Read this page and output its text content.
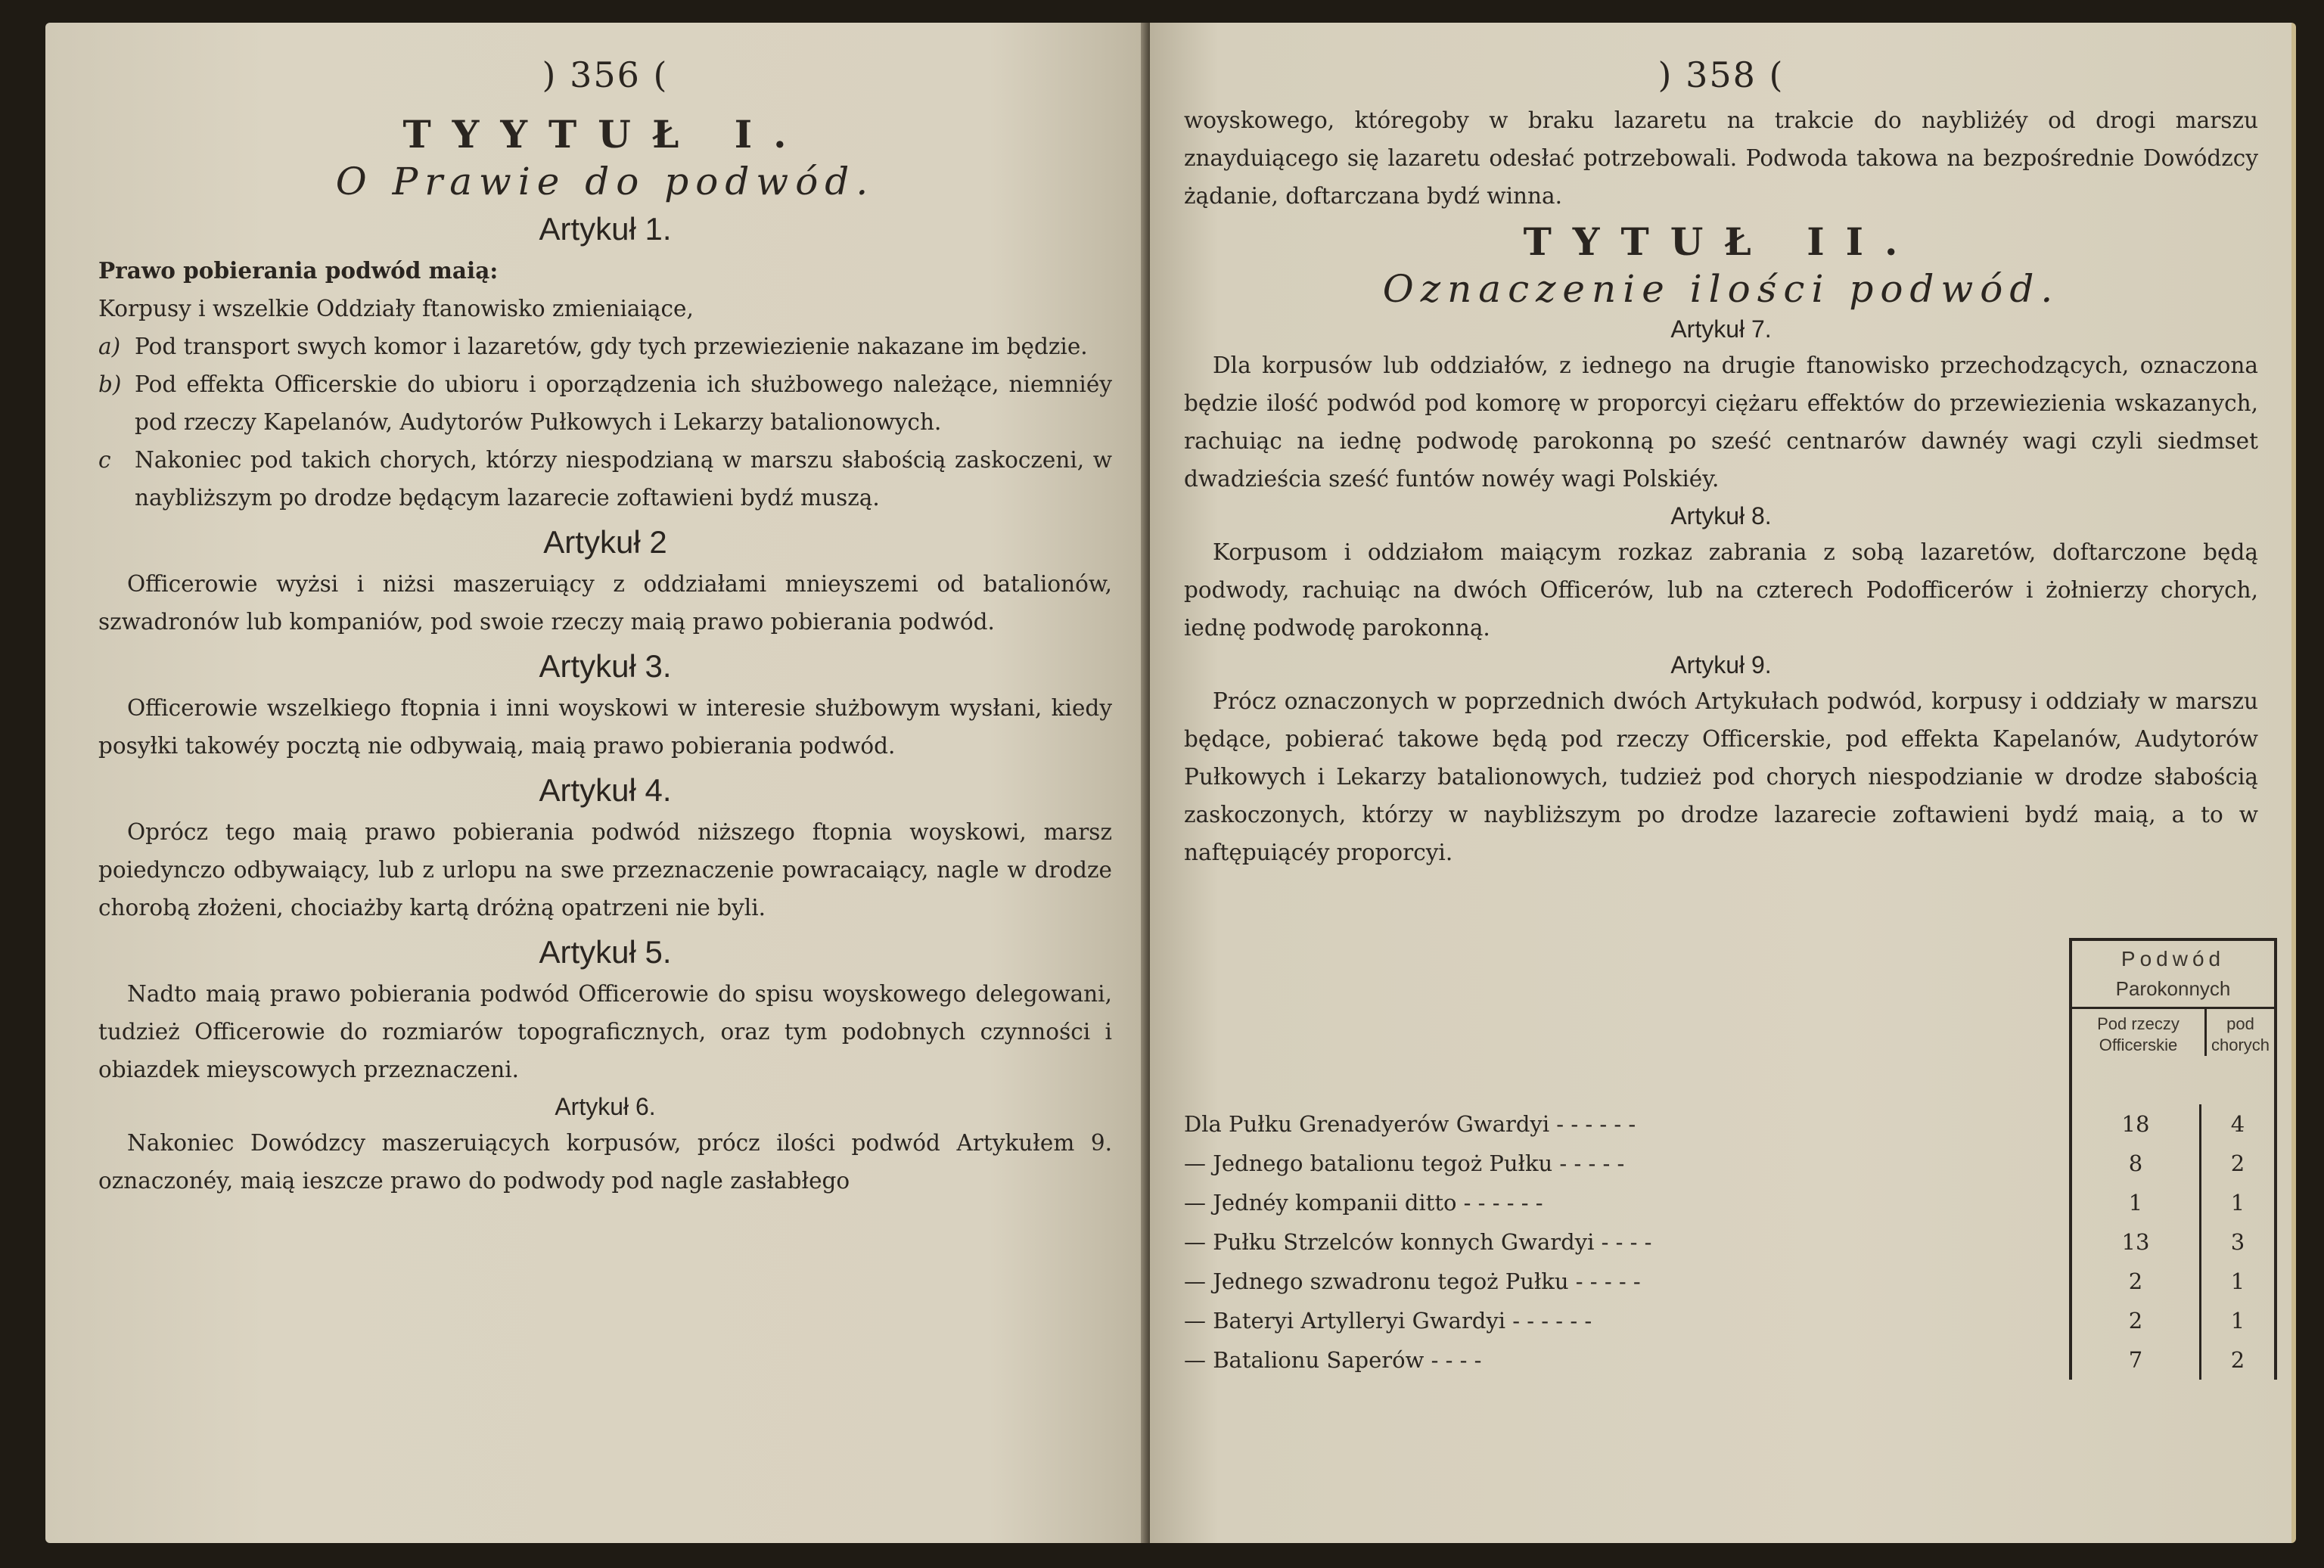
) 356 (
TYYTUŁ I.
O Prawie do podwód.
Artykuł 1.
Prawo pobierania podwód maią:
Korpusy i wszelkie Oddziały ftanowisko zmieniaiące,
a) Pod transport swych komor i lazaretów, gdy tych przewiezienie nakazane im będzie.
b) Pod effekta Officerskie do ubioru i oporządzenia ich służbowego należące, niemniéy pod rzeczy Kapelanów, Audytorów Pułkowych i Lekarzy batalionowych.
c	Nakoniec pod takich chorych, którzy niespodzianą w marszu słabością zaskoczeni, w naybliższym po drodze będącym lazarecie zoftawieni bydź muszą.
Artykuł 2
Officerowie wyżsi i niżsi maszeruiący z oddziałami mnieyszemi od batalionów, szwadronów lub kompaniów, pod swoie rzeczy maią prawo pobierania podwód.
Artykuł 3.
Officerowie wszelkiego ftopnia i inni woyskowi w interesie służbowym wysłani, kiedy posyłki takowéy pocztą nie odbywaią, maią prawo pobierania podwód.
Artykuł 4.
Oprócz tego maią prawo pobierania podwód niższego ftopnia woyskowi, marsz poiedynczo odbywaiący, lub z urlopu na swe przeznaczenie powracaiący, nagle w drodze chorobą złożeni, chociażby kartą dróżną opatrzeni nie byli.
Artykuł 5.
Nadto maią prawo pobierania podwód Officerowie do spisu woyskowego delegowani, tudzież Officerowie do rozmiarów topograficznych, oraz tym podobnych czynności i obiazdek mieyscowych przeznaczeni.
Artykuł 6.
Nakoniec Dowódzcy maszeruiących korpusów, prócz ilości podwód Artykułem 9. oznaczonéy, maią ieszcze prawo do podwody pod nagle zasłabłego
) 358 (
woyskowego, któregoby w braku lazaretu na trakcie do naybliżéy od drogi marszu znayduiącego się lazaretu odesłać potrzebowali. Podwoda takowa na bezpośrednie Dowódzcy żądanie, doftarczana bydź winna.
TYTUŁ II.
Oznaczenie ilości podwód.
Artykuł 7.
Dla korpusów lub oddziałów, z iednego na drugie ftanowisko przechodzących, oznaczona będzie ilość podwód pod komorę w proporcyi ciężaru effektów do przewiezienia wskazanych, rachuiąc na iednę podwodę parokonną po sześć centnarów dawnéy wagi czyli siedmset dwadzieścia sześć funtów nowéy wagi Polskiéy.
Artykuł 8.
Korpusom i oddziałom maiącym rozkaz zabrania z sobą lazaretów, doftarczone będą podwody, rachuiąc na dwóch Officerów, lub na czterech Podofficerów i żołnierzy chorych, iednę podwodę parokonną.
Artykuł 9.
Prócz oznaczonych w poprzednich dwóch Artykułach podwód, korpusy i oddziały w marszu będące, pobierać takowe będą pod rzeczy Officerskie, pod effekta Kapelanów, Audytorów Pułkowych i Lekarzy batalionowych, tudzież pod chorych niespodzianie w drodze słabością zaskoczonych, którzy w naybliższym po drodze lazarecie zoftawieni bydź maią, a to w naftępuiącéy proporcyi.
Podwód
Parokonnych
Pod rzeczy Officerskie
pod chorych
Dla Pułku Grenadyerów Gwardyi - - - - - -	18	4
— Jednego batalionu tegoż Pułku - - - - -	8	2
— Jednéy kompanii ditto - - - - - -	1	1
— Pułku Strzelców konnych Gwardyi - - - -	13	3
— Jednego szwadronu tegoż Pułku - - - - -	2	1
— Bateryi Artylleryi Gwardyi - - - - - -	2	1
— Batalionu Saperów - - - -	7	2
